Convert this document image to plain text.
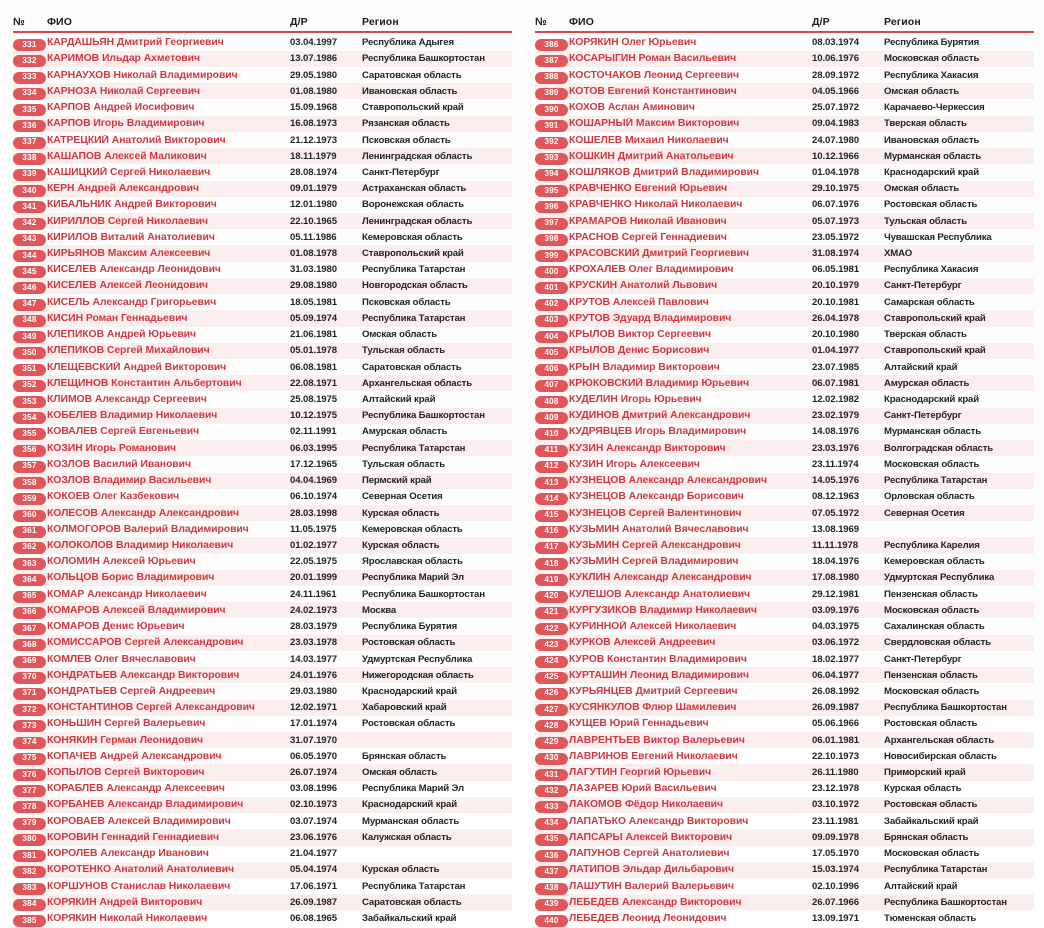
№	ФИО	Д/Р	Регион
331 КАРДАШЬЯН Дмитрий Георгиевич	03.04.1997	Республика Адыгея
332 КАРИМОВ Ильдар Ахметович	13.07.1986	Республика Башкортостан
333 КАРНАУХОВ Николай Владимирович	29.05.1980	Саратовская область
334 КАРНОЗА Николай Сергеевич	01.08.1980	Ивановская область
335 КАРПОВ Андрей Иосифович	15.09.1968	Ставропольский край
336 КАРПОВ Игорь Владимирович	16.08.1973	Рязанская область
337 КАТРЕЦКИЙ Анатолий Викторович	21.12.1973	Псковская область
338 КАШАПОВ Алексей Маликович	18.11.1979	Ленинградская область
339 КАШИЦКИЙ Сергей Николаевич	28.08.1974	Санкт-Петербург
340 КЕРН Андрей Александрович	09.01.1979	Астраханская область
341 КИБАЛЬНИК Андрей Викторович	12.01.1980	Воронежская область
342 КИРИЛЛОВ Сергей Николаевич	22.10.1965	Ленинградская область
343 КИРИЛОВ Виталий Анатолиевич	05.11.1986	Кемеровская область
344 КИРЬЯНОВ Максим Алексеевич	01.08.1978	Ставропольский край
345 КИСЕЛЕВ Александр Леонидович	31.03.1980	Республика Татарстан
346 КИСЕЛЕВ Алексей Леонидович	29.08.1980	Новгородская область
347 КИСЕЛЬ Александр Григорьевич	18.05.1981	Псковская область
348 КИСИН Роман Геннадьевич	05.09.1974	Республика Татарстан
349 КЛЕПИКОВ Андрей Юрьевич	21.06.1981	Омская область
350 КЛЕПИКОВ Сергей Михайлович	05.01.1978	Тульская область
351 КЛЕЩЕВСКИЙ Андрей Викторович	06.08.1981	Саратовская область
352 КЛЕЩИНОВ Константин Альбертович	22.08.1971	Архангельская область
353 КЛИМОВ Александр Сергеевич	25.08.1975	Алтайский край
354 КОБЕЛЕВ Владимир Николаевич	10.12.1975	Республика Башкортостан
355 КОВАЛЕВ Сергей Евгеньевич	02.11.1991	Амурская область
356 КОЗИН Игорь Романович	06.03.1995	Республика Татарстан
357 КОЗЛОВ Василий Иванович	17.12.1965	Тульская область
358 КОЗЛОВ Владимир Васильевич	04.04.1969	Пермский край
359 КОКОЕВ Олег Казбекович	06.10.1974	Северная Осетия
360 КОЛЕСОВ Александр Александрович	28.03.1998	Курская область
361 КОЛМОГОРОВ Валерий Владимирович	11.05.1975	Кемеровская область
362 КОЛОКОЛОВ Владимир Николаевич	01.02.1977	Курская область
363 КОЛОМИН Алексей Юрьевич	22.05.1975	Ярославская область
364 КОЛЬЦОВ Борис Владимирович	20.01.1999	Республика Марий Эл
365 КОМАР Александр Николаевич	24.11.1961	Республика Башкортостан
366 КОМАРОВ Алексей Владимирович	24.02.1973	Москва
367 КОМАРОВ Денис Юрьевич	28.03.1979	Республика Бурятия
368 КОМИССАРОВ Сергей Александрович	23.03.1978	Ростовская область
369 КОМЛЕВ Олег Вячеславович	14.03.1977	Удмуртская Республика
370 КОНДРАТЬЕВ Александр Викторович	24.01.1976	Нижегородская область
371 КОНДРАТЬЕВ Сергей Андреевич	29.03.1980	Краснодарский край
372 КОНСТАНТИНОВ Сергей Александрович	12.02.1971	Хабаровский край
373 КОНЬШИН Сергей Валерьевич	17.01.1974	Ростовская область
374 КОНЯКИН Герман Леонидович	31.07.1970
375 КОПАЧЕВ Андрей Александрович	06.05.1970	Брянская область
376 КОПЫЛОВ Сергей Викторович	26.07.1974	Омская область
377 КОРАБЛЕВ Александр Алексеевич	03.08.1996	Республика Марий Эл
378 КОРБАНЕВ Александр Владимирович	02.10.1973	Краснодарский край
379 КОРОВАЕВ Алексей Владимирович	03.07.1974	Мурманская область
380 КОРОВИН Геннадий Геннадиевич	23.06.1976	Калужская область
381 КОРОЛЕВ Александр Иванович	21.04.1977
382 КОРОТЕНКО Анатолий Анатолиевич	05.04.1974	Курская область
383 КОРШУНОВ Станислав Николаевич	17.06.1971	Республика Татарстан
384 КОРЯКИН Андрей Викторович	26.09.1987	Саратовская область
385 КОРЯКИН Николай Николаевич	06.08.1965	Забайкальский край
№	ФИО	Д/Р	Регион
386 КОРЯКИН Олег Юрьевич	08.03.1974	Республика Бурятия
387 КОСАРЫГИН Роман Васильевич	10.06.1976	Московская область
388 КОСТОЧАКОВ Леонид Сергеевич	28.09.1972	Республика Хакасия
389 КОТОВ Евгений Константинович	04.05.1966	Омская область
390 КОХОВ Аслан Аминович	25.07.1972	Карачаево-Черкессия
391 КОШАРНЫЙ Максим Викторович	09.04.1983	Тверская область
392 КОШЕЛЕВ Михаил Николаевич	24.07.1980	Ивановская область
393 КОШКИН Дмитрий Анатольевич	10.12.1966	Мурманская область
394 КОШЛЯКОВ Дмитрий Владимирович	01.04.1978	Краснодарский край
395 КРАВЧЕНКО Евгений Юрьевич	29.10.1975	Омская область
396 КРАВЧЕНКО Николай Николаевич	06.07.1976	Ростовская область
397 КРАМАРОВ Николай Иванович	05.07.1973	Тульская область
398 КРАСНОВ Сергей Геннадиевич	23.05.1972	Чувашская Республика
399 КРАСОВСКИЙ Дмитрий Георгиевич	31.08.1974	ХМАО
400 КРОХАЛЕВ Олег Владимирович	06.05.1981	Республика Хакасия
401 КРУСКИН Анатолий Львович	20.10.1979	Санкт-Петербург
402 КРУТОВ Алексей Павлович	20.10.1981	Самарская область
403 КРУТОВ Эдуард Владимирович	26.04.1978	Ставропольский край
404 КРЫЛОВ Виктор Сергеевич	20.10.1980	Тверская область
405 КРЫЛОВ Денис Борисович	01.04.1977	Ставропольский край
406 КРЫН Владимир Викторович	23.07.1985	Алтайский край
407 КРЮКОВСКИЙ Владимир Юрьевич	06.07.1981	Амурская область
408 КУДЕЛИН Игорь Юрьевич	12.02.1982	Краснодарский край
409 КУДИНОВ Дмитрий Александрович	23.02.1979	Санкт-Петербург
410 КУДРЯВЦЕВ Игорь Владимирович	14.08.1976	Мурманская область
411	КУЗИН Александр Викторович	23.03.1976	Волгоградская область
412 КУЗИН Игорь Алексеевич	23.11.1974	Московская область
413 КУЗНЕЦОВ Александр Александрович	14.05.1976	Республика Татарстан
414 КУЗНЕЦОВ Александр Борисович	08.12.1963	Орловская область
415 КУЗНЕЦОВ Сергей Валентинович	07.05.1972	Северная Осетия
416 КУЗЬМИН Анатолий Вячеславович	13.08.1969
417 КУЗЬМИН Сергей Александрович	11.11.1978	Республика Карелия
418 КУЗЬМИН Сергей Владимирович	18.04.1976	Кемеровская область
419 КУКЛИН Александр Александрович	17.08.1980	Удмуртская Республика
420 КУЛЕШОВ Александр Анатолиевич	29.12.1981	Пензенская область
421 КУРГУЗИКОВ Владимир Николаевич	03.09.1976	Московская область
422 КУРИННОЙ Алексей Николаевич	04.03.1975	Сахалинская область
423 КУРКОВ Алексей Андреевич	03.06.1972	Свердловская область
424 КУРОВ Константин Владимирович	18.02.1977	Санкт-Петербург
425 КУРТАШИН Леонид Владимирович	06.04.1977	Пензенская область
426 КУРЬЯНЦЕВ Дмитрий Сергеевич	26.08.1992	Московская область
427 КУСЯНКУЛОВ Флюр Шамилевич	26.09.1987	Республика Башкортостан
428 КУЩЕВ Юрий Геннадьевич	05.06.1966	Ростовская область
429 ЛАВРЕНТЬЕВ Виктор Валерьевич	06.01.1981	Архангельская область
430 ЛАВРИНОВ Евгений Николаевич	22.10.1973	Новосибирская область
431 ЛАГУТИН Георгий Юрьевич	26.11.1980	Приморский край
432 ЛАЗАРЕВ Юрий Васильевич	23.12.1978	Курская область
433 ЛАКОМОВ Фёдор Николаевич	03.10.1972	Ростовская область
434 ЛАПАТЬКО Александр Викторович	23.11.1981	Забайкальский край
435 ЛАПСАРЫ Алексей Викторович	09.09.1978	Брянская область
436 ЛАПУНОВ Сергей Анатолиевич	17.05.1970	Московская область
437 ЛАТИПОВ Эльдар Дильбарович	15.03.1974	Республика Татарстан
438 ЛАШУТИН Валерий Валерьевич	02.10.1996	Алтайский край
439 ЛЕБЕДЕВ Александр Викторович	26.07.1966	Республика Башкортостан
440 ЛЕБЕДЕВ Леонид Леонидович	13.09.1971	Тюменская область
